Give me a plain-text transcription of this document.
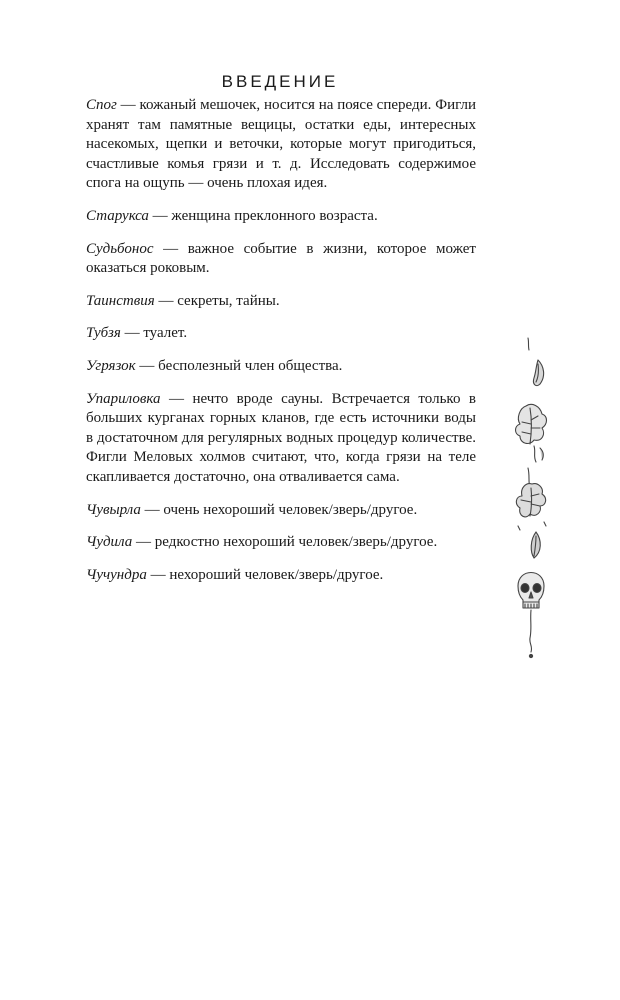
ВВЕДЕНИЕ

Спог — кожаный мешочек, носится на поясе спереди. Фигли хранят там памятные вещицы, остатки еды, интересных насекомых, щепки и веточки, которые могут пригодиться, счастливые комья грязи и т. д. Исследовать содержимое спога на ощупь — очень плохая идея.

Старукса — женщина преклонного возраста.

Судьбонос — важное событие в жизни, которое может оказаться роковым.

Таинствия — секреты, тайны.

Тубзя — туалет.

Угрязок — бесполезный член общества.

Упариловка — нечто вроде сауны. Встречается только в больших курганах горных кланов, где есть источники воды в достаточном для регулярных водных процедур количестве. Фигли Меловых холмов считают, что, когда грязи на теле скапливается достаточно, она отваливается сама.

Чувырла — очень нехороший человек/зверь/другое.

Чудила — редкостно нехороший человек/зверь/другое.

Чучундра — нехороший человек/зверь/другое.
